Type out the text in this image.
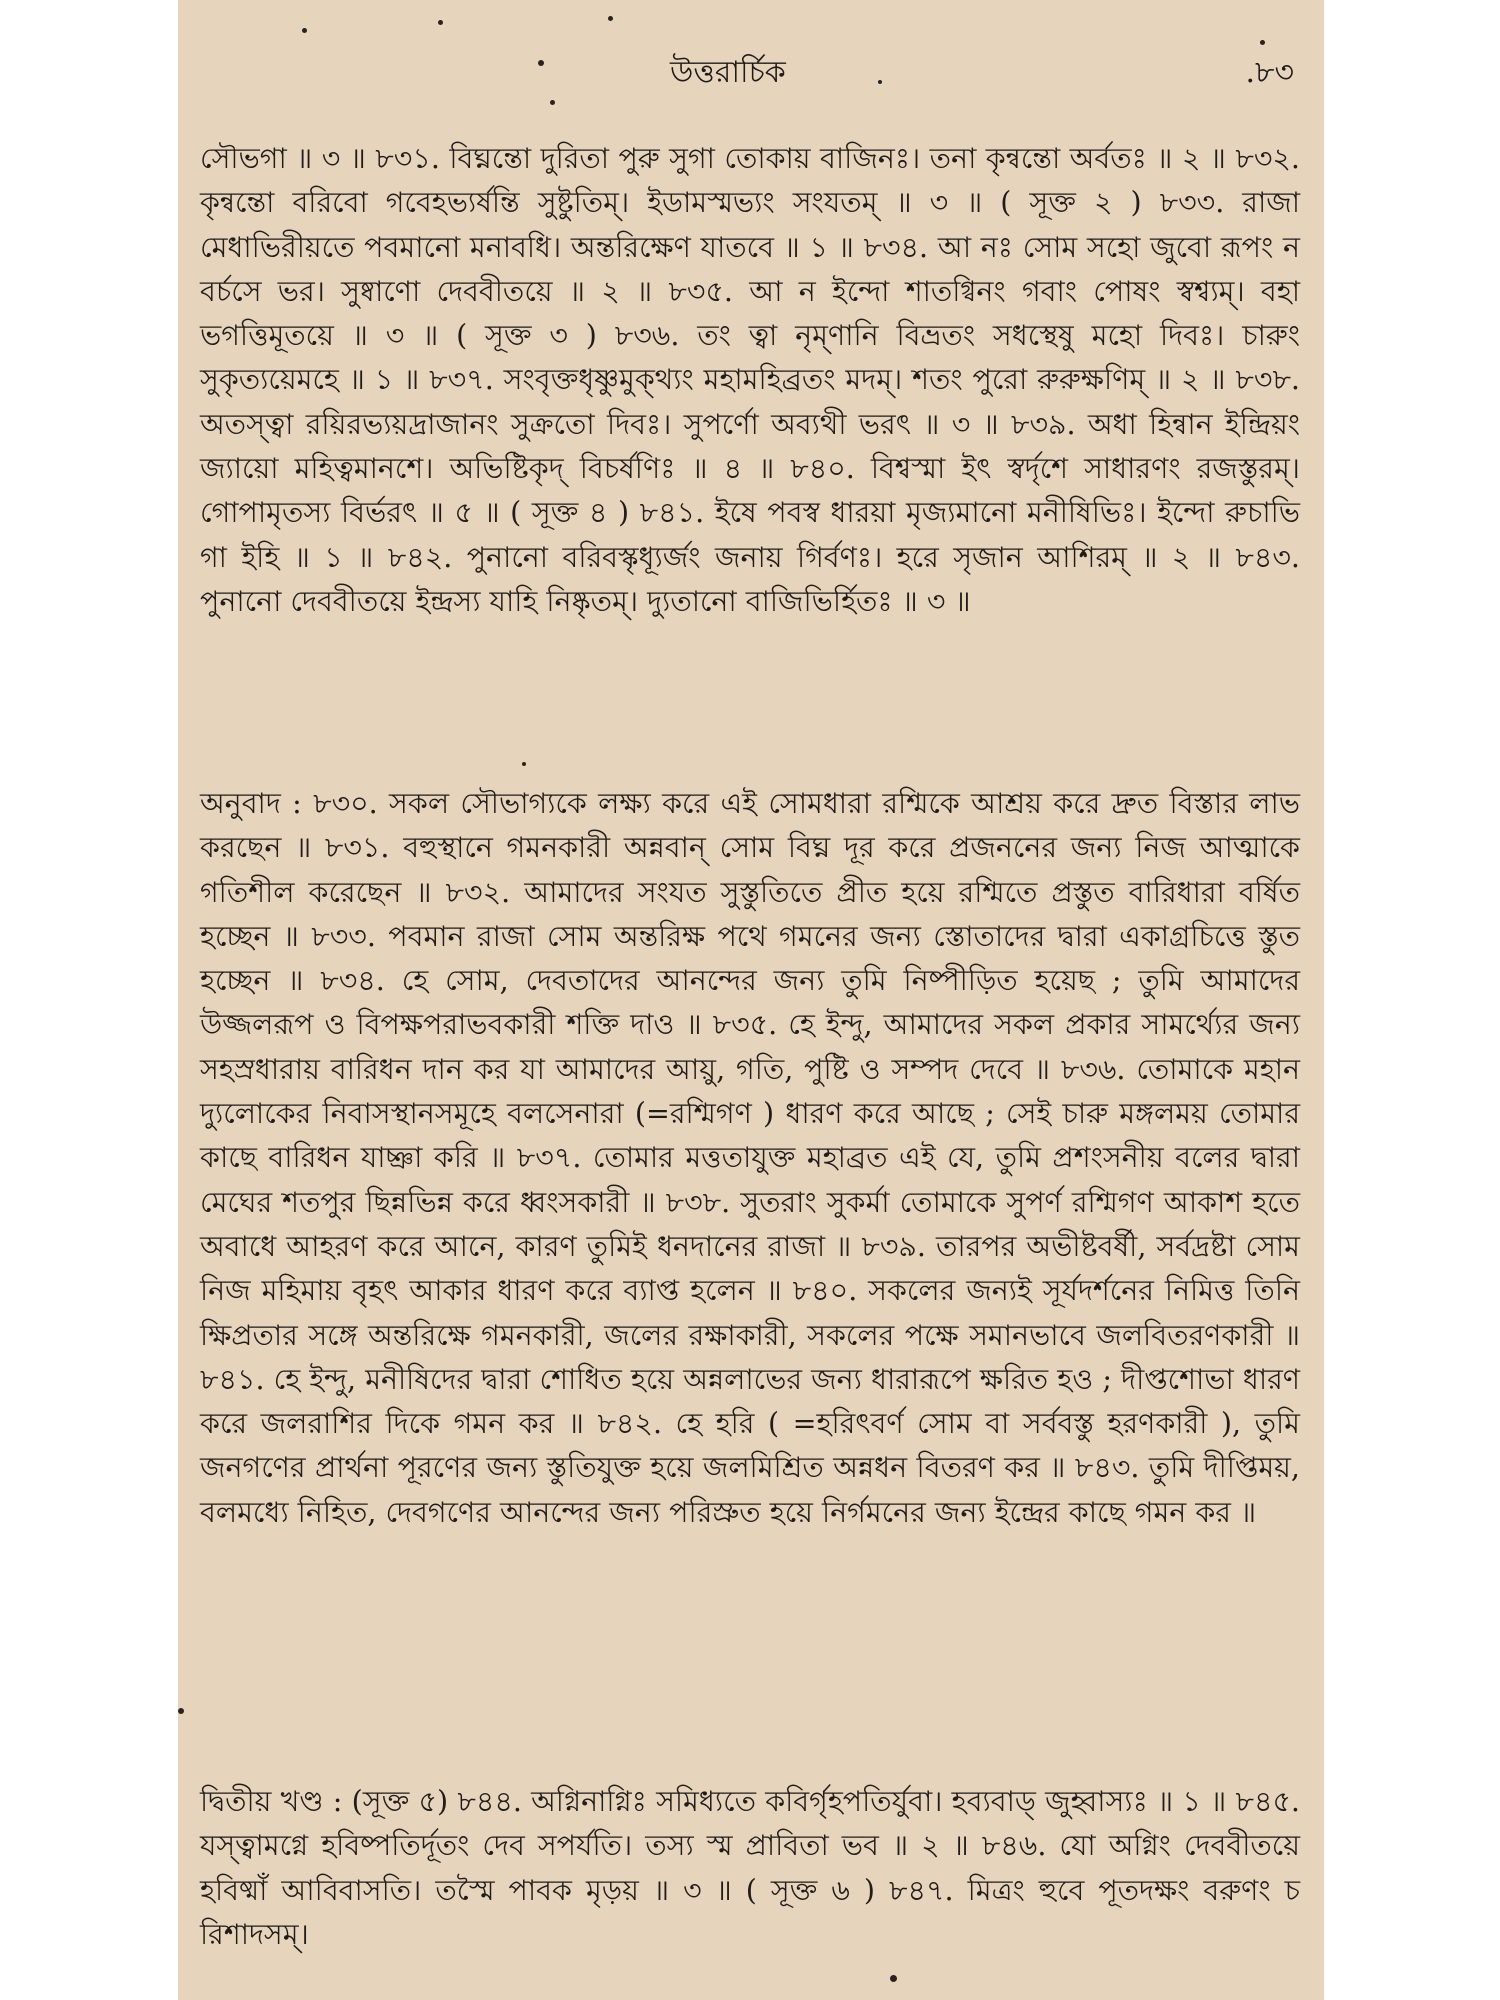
উত্তরার্চিক	.৮৩

সৌভগা ॥ ৩ ॥ ৮৩১. বিঘ্নন্তো দুরিতা পুরু সুগা তোকায় বাজিনঃ। তনা কৃন্বন্তো অর্বতঃ ॥ ২ ॥ ৮৩২. কৃন্বন্তো বরিবো গবেহভ্যর্ষন্তি সুষ্টুতিম্। ইডামস্মভ্যং সংযতম্ ॥ ৩ ॥ ( সূক্ত ২ ) ৮৩৩. রাজা মেধাভিরীয়তে পবমানো মনাবধি। অন্তরিক্ষেণ যাতবে ॥ ১ ॥ ৮৩৪. আ নঃ সোম সহো জুবো রূপং ন বর্চসে ভর। সুষ্বাণো দেববীতয়ে ॥ ২ ॥ ৮৩৫. আ ন ইন্দো শাতগ্বিনং গবাং পোষং স্বশ্ব্যম্। বহা ভগত্তিমূতয়ে ॥ ৩ ॥ ( সূক্ত ৩ ) ৮৩৬. তং ত্বা নৃম্ণানি বিভ্রতং সধস্থেষু মহো দিবঃ। চারুং সুকৃত্যয়েমহে ॥ ১ ॥ ৮৩৭. সংবৃক্তধৃষ্ণুমুক্থ্যং মহামহিব্রতং মদম্। শতং পুরো রুরুক্ষণিম্ ॥ ২ ॥ ৮৩৮. অতস্ত্বা রয়িরভ্যয়দ্রাজানং সুক্রতো দিবঃ। সুপর্ণো অব্যথী ভরৎ ॥ ৩ ॥ ৮৩৯. অধা হিন্বান ইন্দ্রিয়ং জ্যায়ো মহিত্বমানশে। অভিষ্টিকৃদ্ বিচর্ষণিঃ ॥ ৪ ॥ ৮৪০. বিশ্বস্মা ইৎ স্বর্দৃশে সাধারণং রজস্তুরম্। গোপামৃতস্য বির্ভরৎ ॥ ৫ ॥ ( সূক্ত ৪ ) ৮৪১. ইষে পবস্ব ধারয়া মৃজ্যমানো মনীষিভিঃ। ইন্দো রুচাভি গা ইহি ॥ ১ ॥ ৮৪২. পুনানো বরিবস্কৃধ্যূর্জং জনায় গির্বণঃ। হরে সৃজান আশিরম্ ॥ ২ ॥ ৮৪৩. পুনানো দেববীতয়ে ইন্দ্রস্য যাহি নিষ্কৃতম্। দ্যুতানো বাজিভির্হিতঃ ॥ ৩ ॥

অনুবাদ : ৮৩০. সকল সৌভাগ্যকে লক্ষ্য করে এই সোমধারা রশ্মিকে আশ্রয় করে দ্রুত বিস্তার লাভ করছেন ॥ ৮৩১. বহুস্থানে গমনকারী অন্নবান্ সোম বিঘ্ন দূর করে প্রজননের জন্য নিজ আত্মাকে গতিশীল করেছেন ॥ ৮৩২. আমাদের সংযত সুস্তুতিতে প্রীত হয়ে রশ্মিতে প্রস্তুত বারিধারা বর্ষিত হচ্ছেন ॥ ৮৩৩. পবমান রাজা সোম অন্তরিক্ষ পথে গমনের জন্য স্তোতাদের দ্বারা একাগ্রচিত্তে স্তুত হচ্ছেন ॥ ৮৩৪. হে সোম, দেবতাদের আনন্দের জন্য তুমি নিষ্পীড়িত হয়েছ ; তুমি আমাদের উজ্জলরূপ ও বিপক্ষপরাভবকারী শক্তি দাও ॥ ৮৩৫. হে ইন্দু, আমাদের সকল প্রকার সামর্থ্যের জন্য সহস্রধারায় বারিধন দান কর যা আমাদের আয়ু, গতি, পুষ্টি ও সম্পদ দেবে ॥ ৮৩৬. তোমাকে মহান দ্যুলোকের নিবাসস্থানসমূহে বলসেনারা (=রশ্মিগণ ) ধারণ করে আছে ; সেই চারু মঙ্গলময় তোমার কাছে বারিধন যাচ্ঞা করি ॥ ৮৩৭. তোমার মত্ততাযুক্ত মহাব্রত এই যে, তুমি প্রশংসনীয় বলের দ্বারা মেঘের শতপুর ছিন্নভিন্ন করে ধ্বংসকারী ॥ ৮৩৮. সুতরাং সুকর্মা তোমাকে সুপর্ণ রশ্মিগণ আকাশ হতে অবাধে আহরণ করে আনে, কারণ তুমিই ধনদানের রাজা ॥ ৮৩৯. তারপর অভীষ্টবর্ষী, সর্বদ্রষ্টা সোম নিজ মহিমায় বৃহৎ আকার ধারণ করে ব্যাপ্ত হলেন ॥ ৮৪০. সকলের জন্যই সূর্যদর্শনের নিমিত্ত তিনি ক্ষিপ্রতার সঙ্গে অন্তরিক্ষে গমনকারী, জলের রক্ষাকারী, সকলের পক্ষে সমানভাবে জলবিতরণকারী ॥ ৮৪১. হে ইন্দু, মনীষিদের দ্বারা শোধিত হয়ে অন্নলাভের জন্য ধারারূপে ক্ষরিত হও ; দীপ্তশোভা ধারণ করে জলরাশির দিকে গমন কর ॥ ৮৪২. হে হরি ( =হরিৎবর্ণ সোম বা সর্ববস্তু হরণকারী ), তুমি জনগণের প্রার্থনা পূরণের জন্য স্তুতিযুক্ত হয়ে জলমিশ্রিত অন্নধন বিতরণ কর ॥ ৮৪৩. তুমি দীপ্তিময়, বলমধ্যে নিহিত, দেবগণের আনন্দের জন্য পরিস্রুত হয়ে নির্গমনের জন্য ইন্দ্রের কাছে গমন কর ॥

দ্বিতীয় খণ্ড : (সূক্ত ৫) ৮৪৪. অগ্নিনাগ্নিঃ সমিধ্যতে কবির্গৃহপতির্যুবা। হব্যবাড্ জুহ্বাস্যঃ ॥ ১ ॥ ৮৪৫. যস্ত্বামগ্নে হবিষ্পতির্দূতং দেব সপর্যতি। তস্য স্ম প্রাবিতা ভব ॥ ২ ॥ ৮৪৬. যো অগ্নিং দেববীতয়ে হবিষ্মাঁ আবিবাসতি। তস্মৈ পাবক মৃড়য় ॥ ৩ ॥ ( সূক্ত ৬ ) ৮৪৭. মিত্রং হুবে পূতদক্ষং বরুণং চ রিশাদসম্।
